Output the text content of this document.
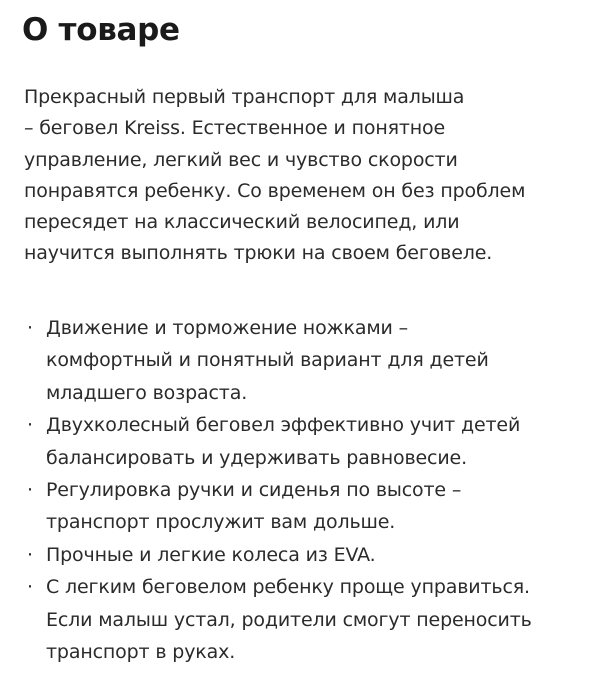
О товаре

Прекрасный первый транспорт для малыша
– беговел Kreiss. Естественное и понятное
управление, легкий вес и чувство скорости
понравятся ребенку. Со временем он без проблем
пересядет на классический велосипед, или
научится выполнять трюки на своем беговеле.

· Движение и торможение ножками –
комфортный и понятный вариант для детей
младшего возраста.
· Двухколесный беговел эффективно учит детей
балансировать и удерживать равновесие.
· Регулировка ручки и сиденья по высоте –
транспорт прослужит вам дольше.
· Прочные и легкие колеса из EVA.
· С легким беговелом ребенку проще управиться.
Если малыш устал, родители смогут переносить
транспорт в руках.
